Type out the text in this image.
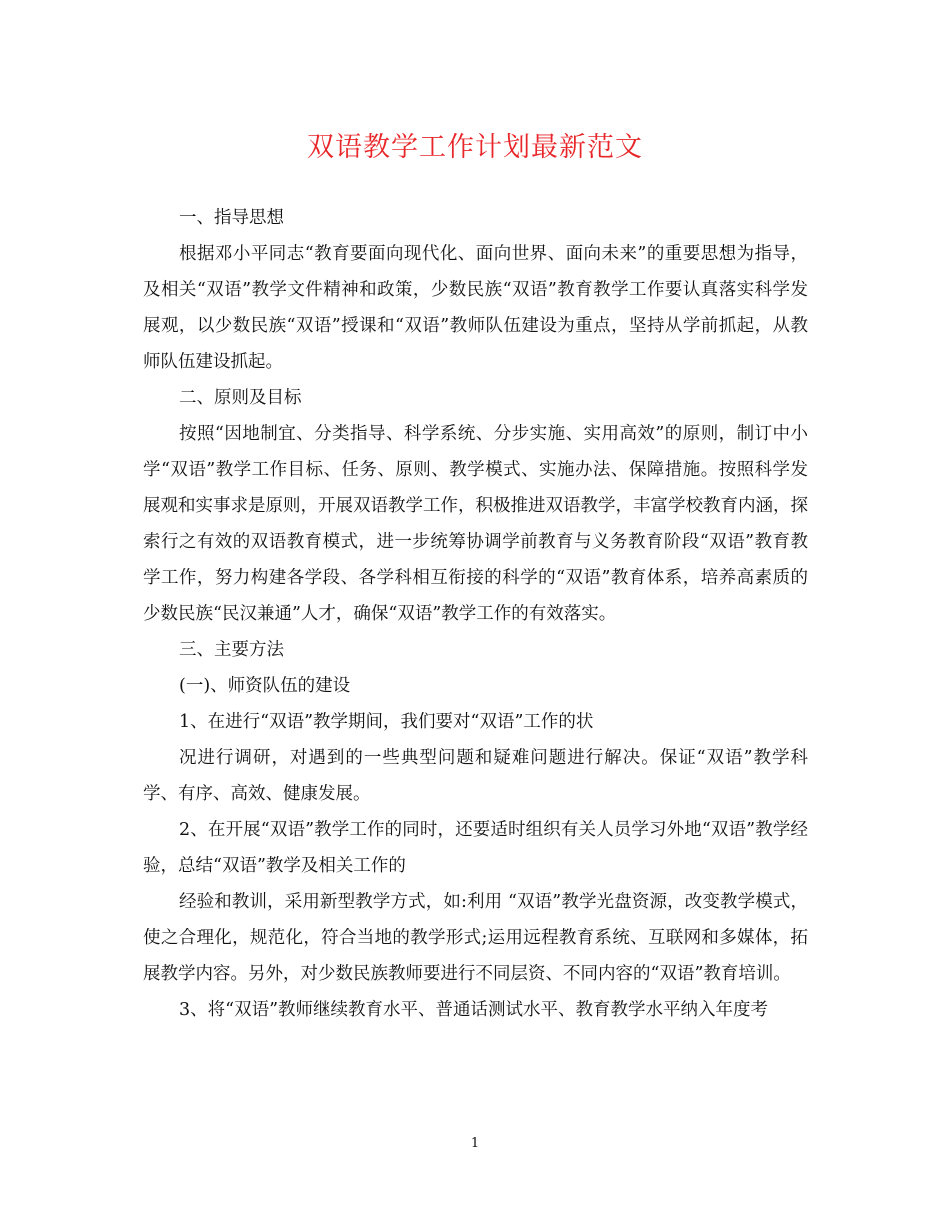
双语教学工作计划最新范文

一、指导思想

根据邓小平同志“教育要面向现代化、面向世界、面向未来”的重要思想为指导，及相关“双语”教学文件精神和政策，少数民族“双语”教育教学工作要认真落实科学发展观，以少数民族“双语”授课和“双语”教师队伍建设为重点，坚持从学前抓起，从教师队伍建设抓起。

二、原则及目标

按照“因地制宜、分类指导、科学系统、分步实施、实用高效”的原则，制订中小学“双语”教学工作目标、任务、原则、教学模式、实施办法、保障措施。按照科学发展观和实事求是原则，开展双语教学工作，积极推进双语教学，丰富学校教育内涵，探索行之有效的双语教育模式，进一步统筹协调学前教育与义务教育阶段“双语”教育教学工作，努力构建各学段、各学科相互衔接的科学的“双语”教育体系，培养高素质的少数民族“民汉兼通”人才，确保“双语”教学工作的有效落实。

三、主要方法

(一)、师资队伍的建设

1、在进行“双语”教学期间，我们要对“双语”工作的状

况进行调研，对遇到的一些典型问题和疑难问题进行解决。保证“双语”教学科学、有序、高效、健康发展。

2、在开展“双语”教学工作的同时，还要适时组织有关人员学习外地“双语”教学经验，总结“双语”教学及相关工作的

经验和教训，采用新型教学方式，如:利用 “双语”教学光盘资源，改变教学模式，使之合理化，规范化，符合当地的教学形式;运用远程教育系统、互联网和多媒体，拓展教学内容。另外，对少数民族教师要进行不同层资、不同内容的“双语”教育培训。

3、将“双语”教师继续教育水平、普通话测试水平、教育教学水平纳入年度考

1
